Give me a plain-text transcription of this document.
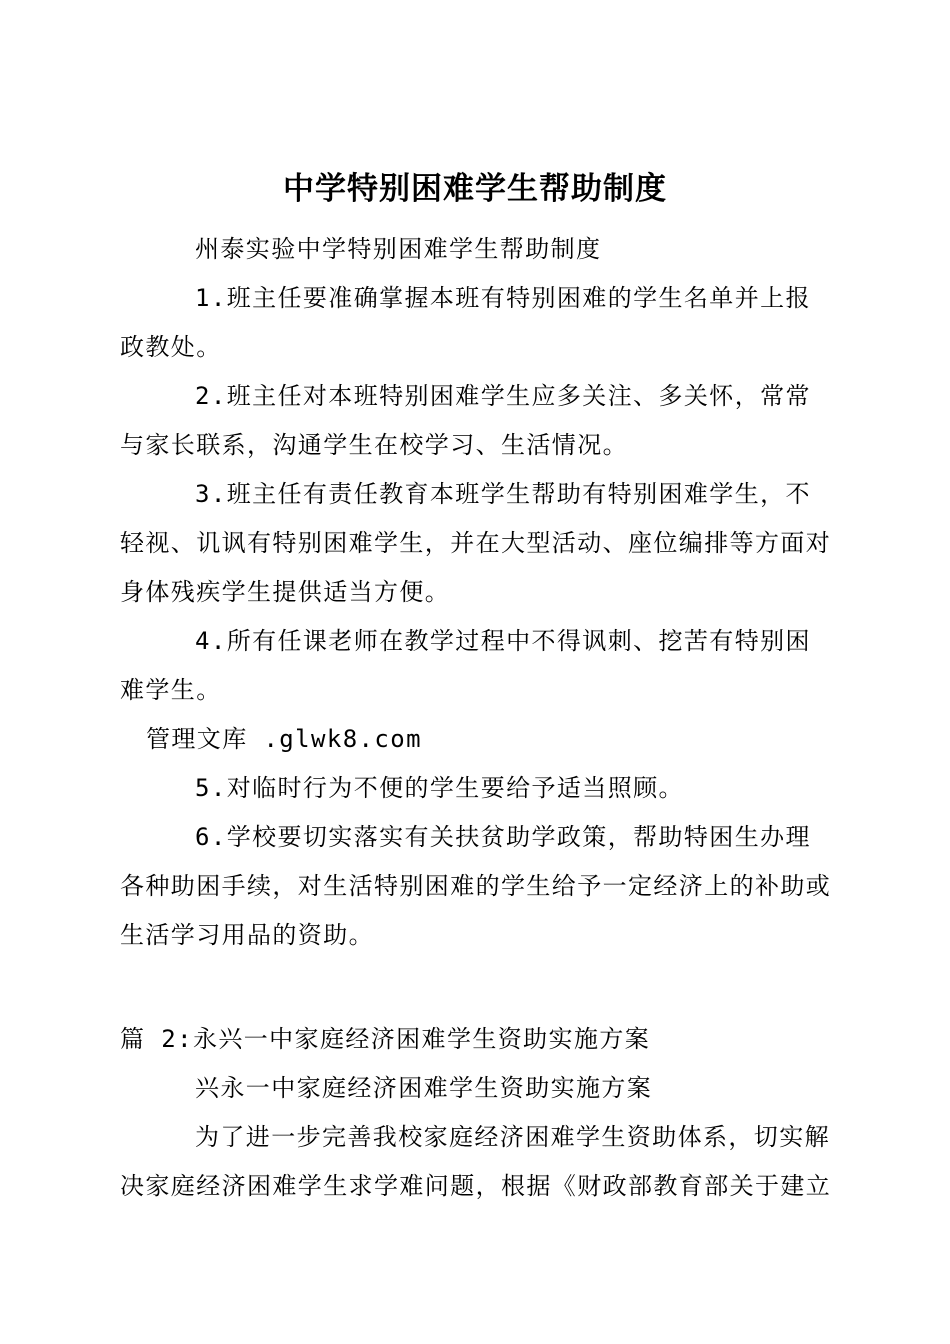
中学特别困难学生帮助制度

州泰实验中学特别困难学生帮助制度

1.班主任要准确掌握本班有特别困难的学生名单并上报政教处。

2.班主任对本班特别困难学生应多关注、多关怀，常常与家长联系，沟通学生在校学习、生活情况。

3.班主任有责任教育本班学生帮助有特别困难学生，不轻视、讥讽有特别困难学生，并在大型活动、座位编排等方面对身体残疾学生提供适当方便。

4.所有任课老师在教学过程中不得讽刺、挖苦有特别困难学生。

管理文库 .glwk8.com

5.对临时行为不便的学生要给予适当照顾。

6.学校要切实落实有关扶贫助学政策，帮助特困生办理各种助困手续，对生活特别困难的学生给予一定经济上的补助或生活学习用品的资助。

篇 2:永兴一中家庭经济困难学生资助实施方案

兴永一中家庭经济困难学生资助实施方案

为了进一步完善我校家庭经济困难学生资助体系，切实解决家庭经济困难学生求学难问题，根据《财政部教育部关于建立
